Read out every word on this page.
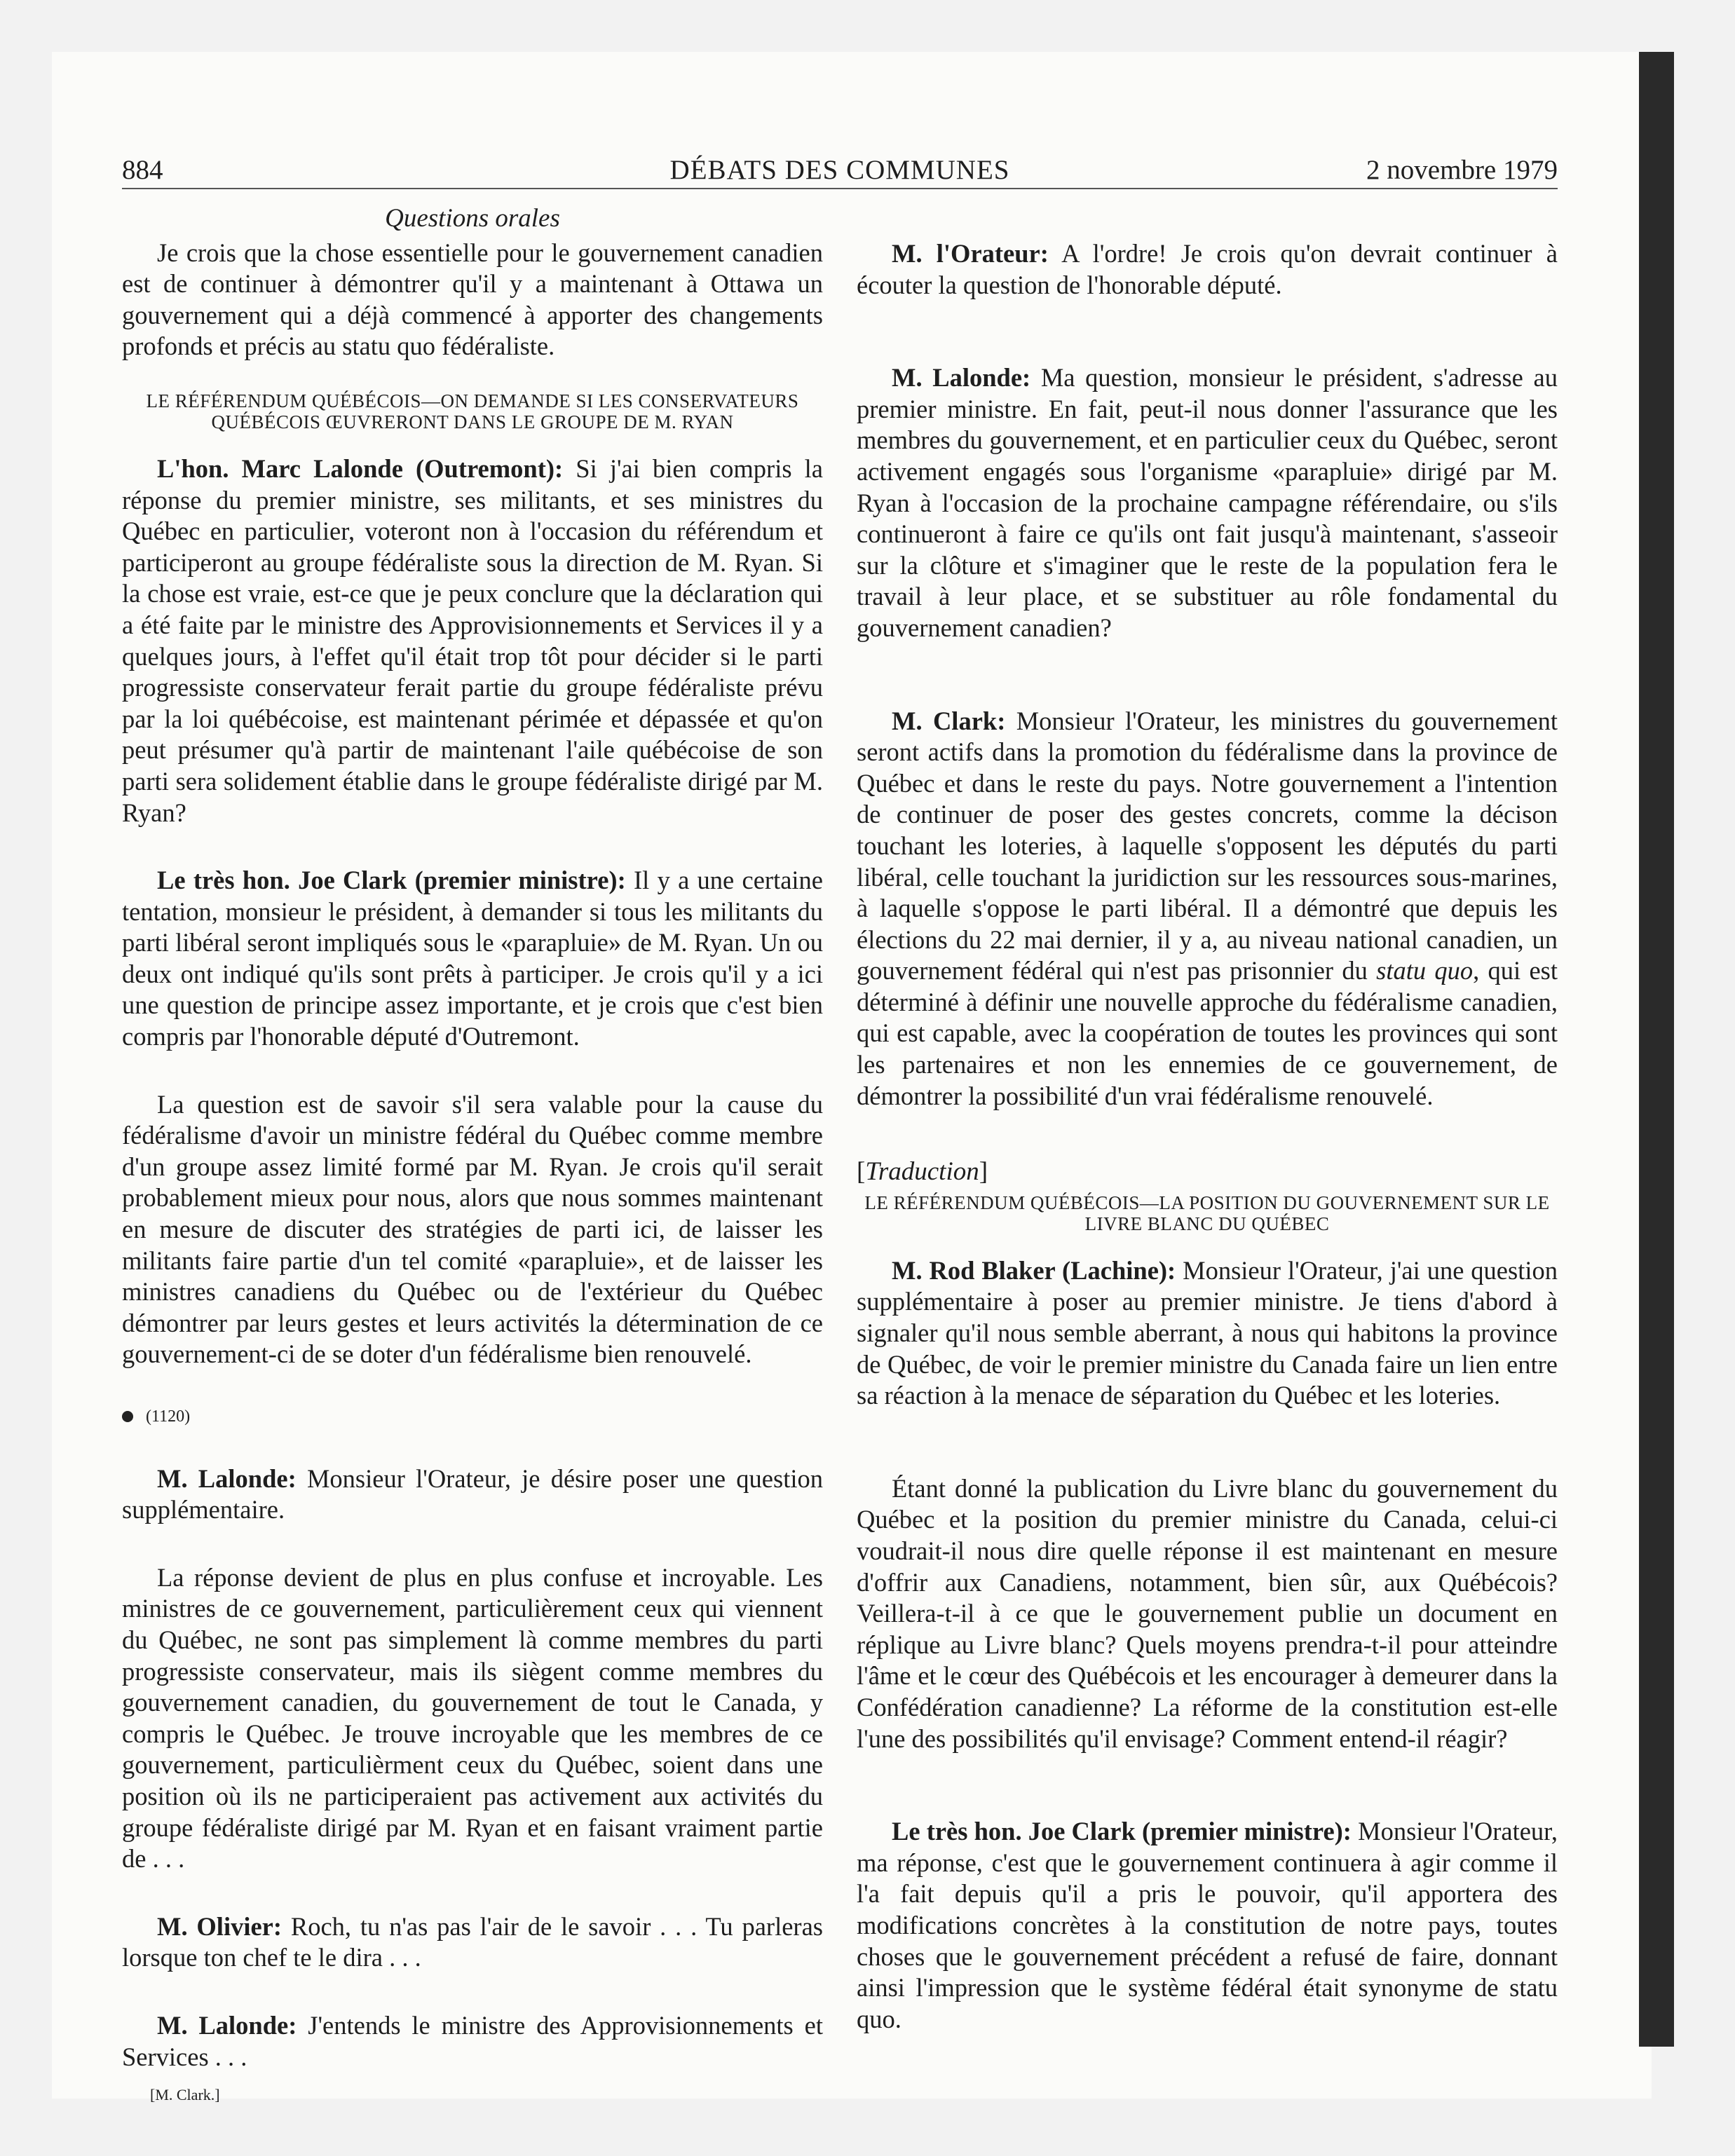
884	DÉBATS DES COMMUNES	2 novembre 1979
Questions orales

Je crois que la chose essentielle pour le gouvernement canadien est de continuer à démontrer qu'il y a maintenant à Ottawa un gouvernement qui a déjà commencé à apporter des changements profonds et précis au statu quo fédéraliste.

LE RÉFÉRENDUM QUÉBÉCOIS—ON DEMANDE SI LES CONSERVATEURS QUÉBÉCOIS ŒUVRERONT DANS LE GROUPE DE M. RYAN

L'hon. Marc Lalonde (Outremont): Si j'ai bien compris la réponse du premier ministre, ses militants, et ses ministres du Québec en particulier, voteront non à l'occasion du référendum et participeront au groupe fédéraliste sous la direction de M. Ryan. Si la chose est vraie, est-ce que je peux conclure que la déclaration qui a été faite par le ministre des Approvisionnements et Services il y a quelques jours, à l'effet qu'il était trop tôt pour décider si le parti progressiste conservateur ferait partie du groupe fédéraliste prévu par la loi québécoise, est maintenant périmée et dépassée et qu'on peut présumer qu'à partir de maintenant l'aile québécoise de son parti sera solidement établie dans le groupe fédéraliste dirigé par M. Ryan?

Le très hon. Joe Clark (premier ministre): Il y a une certaine tentation, monsieur le président, à demander si tous les militants du parti libéral seront impliqués sous le «parapluie» de M. Ryan. Un ou deux ont indiqué qu'ils sont prêts à participer. Je crois qu'il y a ici une question de principe assez importante, et je crois que c'est bien compris par l'honorable député d'Outremont.

La question est de savoir s'il sera valable pour la cause du fédéralisme d'avoir un ministre fédéral du Québec comme membre d'un groupe assez limité formé par M. Ryan. Je crois qu'il serait probablement mieux pour nous, alors que nous sommes maintenant en mesure de discuter des stratégies de parti ici, de laisser les militants faire partie d'un tel comité «parapluie», et de laisser les ministres canadiens du Québec ou de l'extérieur du Québec démontrer par leurs gestes et leurs activités la détermination de ce gouvernement-ci de se doter d'un fédéralisme bien renouvelé.

(1120)

M. Lalonde: Monsieur l'Orateur, je désire poser une question supplémentaire.

La réponse devient de plus en plus confuse et incroyable. Les ministres de ce gouvernement, particulièrement ceux qui viennent du Québec, ne sont pas simplement là comme membres du parti progressiste conservateur, mais ils siègent comme membres du gouvernement canadien, du gouvernement de tout le Canada, y compris le Québec. Je trouve incroyable que les membres de ce gouvernement, particulièrment ceux du Québec, soient dans une position où ils ne participeraient pas activement aux activités du groupe fédéraliste dirigé par M. Ryan et en faisant vraiment partie de . . .

M. Olivier: Roch, tu n'as pas l'air de le savoir . . . Tu parleras lorsque ton chef te le dira . . .

M. Lalonde: J'entends le ministre des Approvisionnements et Services . . .

[M. Clark.]

M. l'Orateur: A l'ordre! Je crois qu'on devrait continuer à écouter la question de l'honorable député.

M. Lalonde: Ma question, monsieur le président, s'adresse au premier ministre. En fait, peut-il nous donner l'assurance que les membres du gouvernement, et en particulier ceux du Québec, seront activement engagés sous l'organisme «parapluie» dirigé par M. Ryan à l'occasion de la prochaine campagne référendaire, ou s'ils continueront à faire ce qu'ils ont fait jusqu'à maintenant, s'asseoir sur la clôture et s'imaginer que le reste de la population fera le travail à leur place, et se substituer au rôle fondamental du gouvernement canadien?

M. Clark: Monsieur l'Orateur, les ministres du gouvernement seront actifs dans la promotion du fédéralisme dans la province de Québec et dans le reste du pays. Notre gouvernement a l'intention de continuer de poser des gestes concrets, comme la décison touchant les loteries, à laquelle s'opposent les députés du parti libéral, celle touchant la juridiction sur les ressources sous-marines, à laquelle s'oppose le parti libéral. Il a démontré que depuis les élections du 22 mai dernier, il y a, au niveau national canadien, un gouvernement fédéral qui n'est pas prisonnier du statu quo, qui est déterminé à définir une nouvelle approche du fédéralisme canadien, qui est capable, avec la coopération de toutes les provinces qui sont les partenaires et non les ennemies de ce gouvernement, de démontrer la possibilité d'un vrai fédéralisme renouvelé.

[Traduction]
LE RÉFÉRENDUM QUÉBÉCOIS—LA POSITION DU GOUVERNEMENT SUR LE LIVRE BLANC DU QUÉBEC

M. Rod Blaker (Lachine): Monsieur l'Orateur, j'ai une question supplémentaire à poser au premier ministre. Je tiens d'abord à signaler qu'il nous semble aberrant, à nous qui habitons la province de Québec, de voir le premier ministre du Canada faire un lien entre sa réaction à la menace de séparation du Québec et les loteries.

Étant donné la publication du Livre blanc du gouvernement du Québec et la position du premier ministre du Canada, celui-ci voudrait-il nous dire quelle réponse il est maintenant en mesure d'offrir aux Canadiens, notamment, bien sûr, aux Québécois? Veillera-t-il à ce que le gouvernement publie un document en réplique au Livre blanc? Quels moyens prendra-t-il pour atteindre l'âme et le cœur des Québécois et les encourager à demeurer dans la Confédération canadienne? La réforme de la constitution est-elle l'une des possibilités qu'il envisage? Comment entend-il réagir?

Le très hon. Joe Clark (premier ministre): Monsieur l'Orateur, ma réponse, c'est que le gouvernement continuera à agir comme il l'a fait depuis qu'il a pris le pouvoir, qu'il apportera des modifications concrètes à la constitution de notre pays, toutes choses que le gouvernement précédent a refusé de faire, donnant ainsi l'impression que le système fédéral était synonyme de statu quo.
